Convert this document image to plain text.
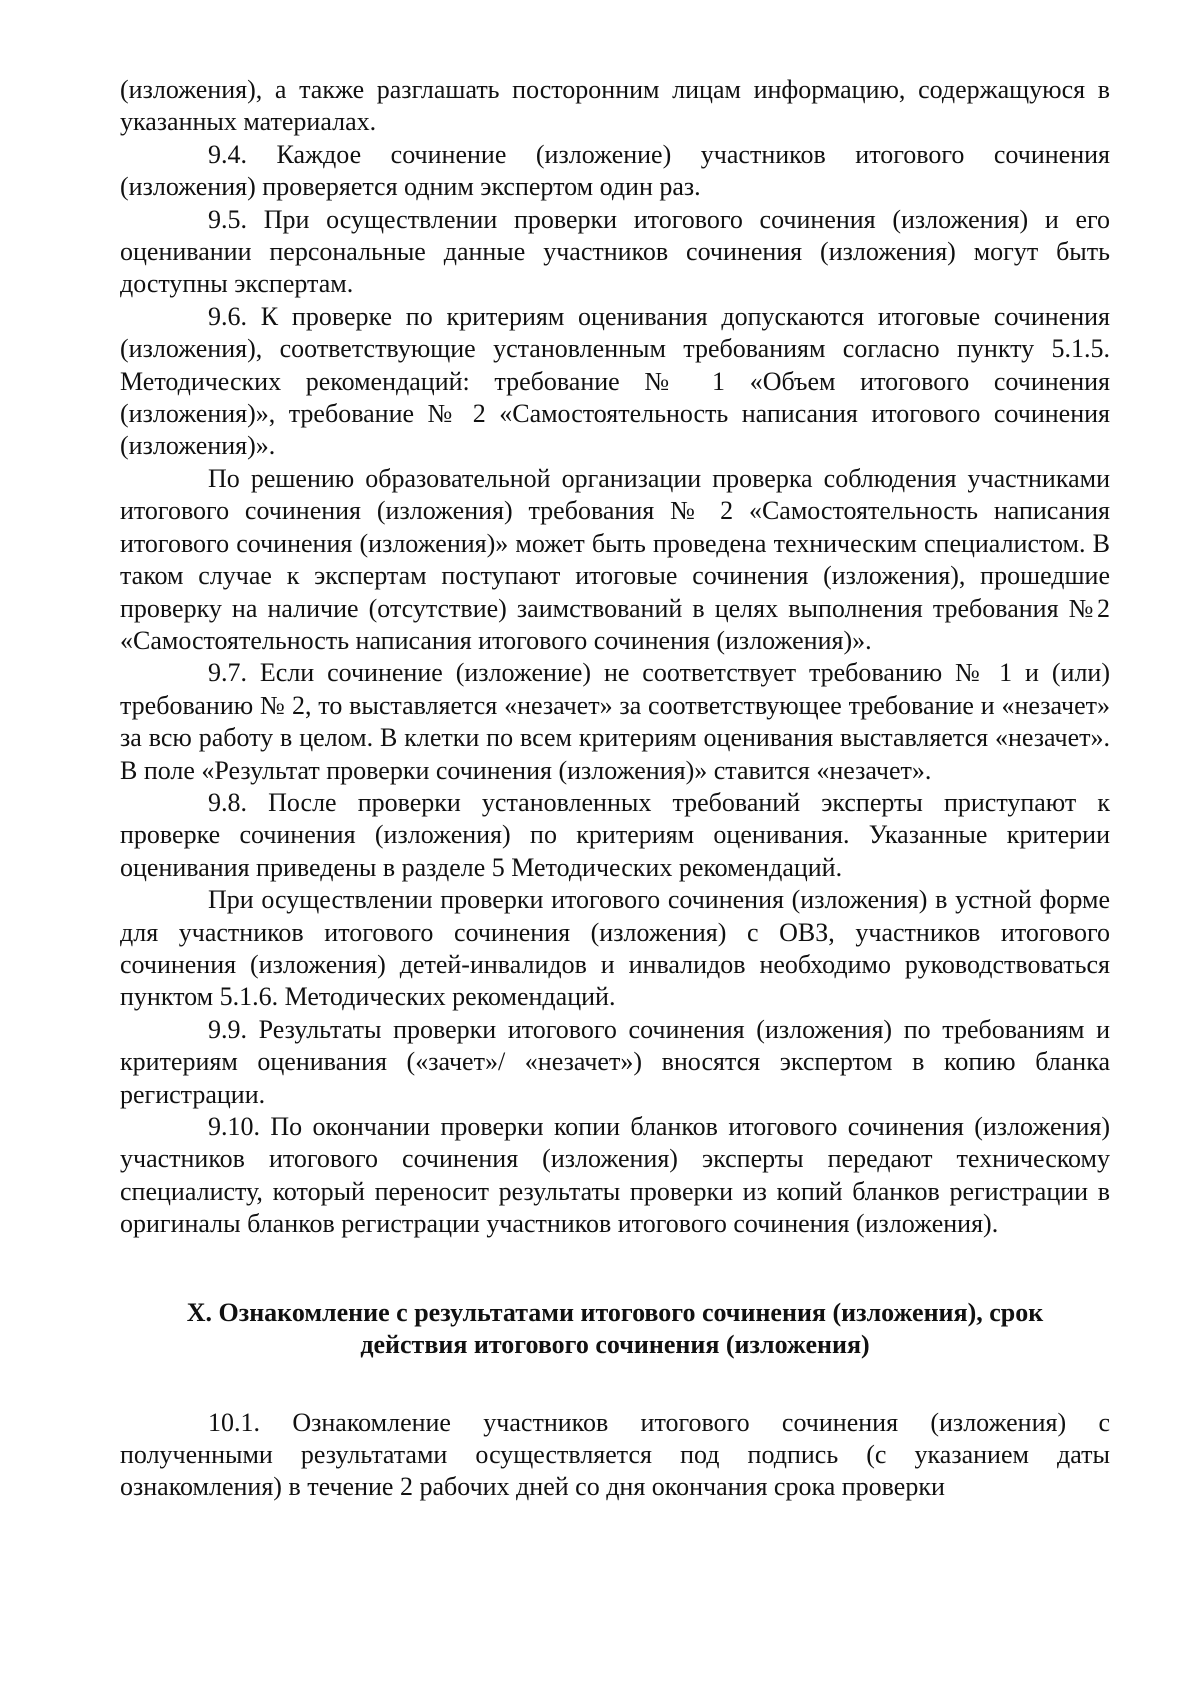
(изложения), а также разглашать посторонним лицам информацию, содержащуюся в указанных материалах.

9.4. Каждое сочинение (изложение) участников итогового сочинения (изложения) проверяется одним экспертом один раз.

9.5. При осуществлении проверки итогового сочинения (изложения) и его оценивании персональные данные участников сочинения (изложения) могут быть доступны экспертам.

9.6. К проверке по критериям оценивания допускаются итоговые сочинения (изложения), соответствующие установленным требованиям согласно пункту 5.1.5. Методических рекомендаций: требование № 1 «Объем итогового сочинения (изложения)», требование № 2 «Самостоятельность написания итогового сочинения (изложения)».

По решению образовательной организации проверка соблюдения участниками итогового сочинения (изложения) требования № 2 «Самостоятельность написания итогового сочинения (изложения)» может быть проведена техническим специалистом. В таком случае к экспертам поступают итоговые сочинения (изложения), прошедшие проверку на наличие (отсутствие) заимствований в целях выполнения требования №2 «Самостоятельность написания итогового сочинения (изложения)».

9.7. Если сочинение (изложение) не соответствует требованию № 1 и (или) требованию № 2, то выставляется «незачет» за соответствующее требование и «незачет» за всю работу в целом. В клетки по всем критериям оценивания выставляется «незачет». В поле «Результат проверки сочинения (изложения)» ставится «незачет».

9.8. После проверки установленных требований эксперты приступают к проверке сочинения (изложения) по критериям оценивания. Указанные критерии оценивания приведены в разделе 5 Методических рекомендаций.

При осуществлении проверки итогового сочинения (изложения) в устной форме для участников итогового сочинения (изложения) с ОВЗ, участников итогового сочинения (изложения) детей-инвалидов и инвалидов необходимо руководствоваться пунктом 5.1.6. Методических рекомендаций.

9.9. Результаты проверки итогового сочинения (изложения) по требованиям и критериям оценивания («зачет»/ «незачет») вносятся экспертом в копию бланка регистрации.

9.10. По окончании проверки копии бланков итогового сочинения (изложения) участников итогового сочинения (изложения) эксперты передают техническому специалисту, который переносит результаты проверки из копий бланков регистрации в оригиналы бланков регистрации участников итогового сочинения (изложения).

X. Ознакомление с результатами итогового сочинения (изложения), срок действия итогового сочинения (изложения)

10.1. Ознакомление участников итогового сочинения (изложения) с полученными результатами осуществляется под подпись (с указанием даты ознакомления) в течение 2 рабочих дней со дня окончания срока проверки
